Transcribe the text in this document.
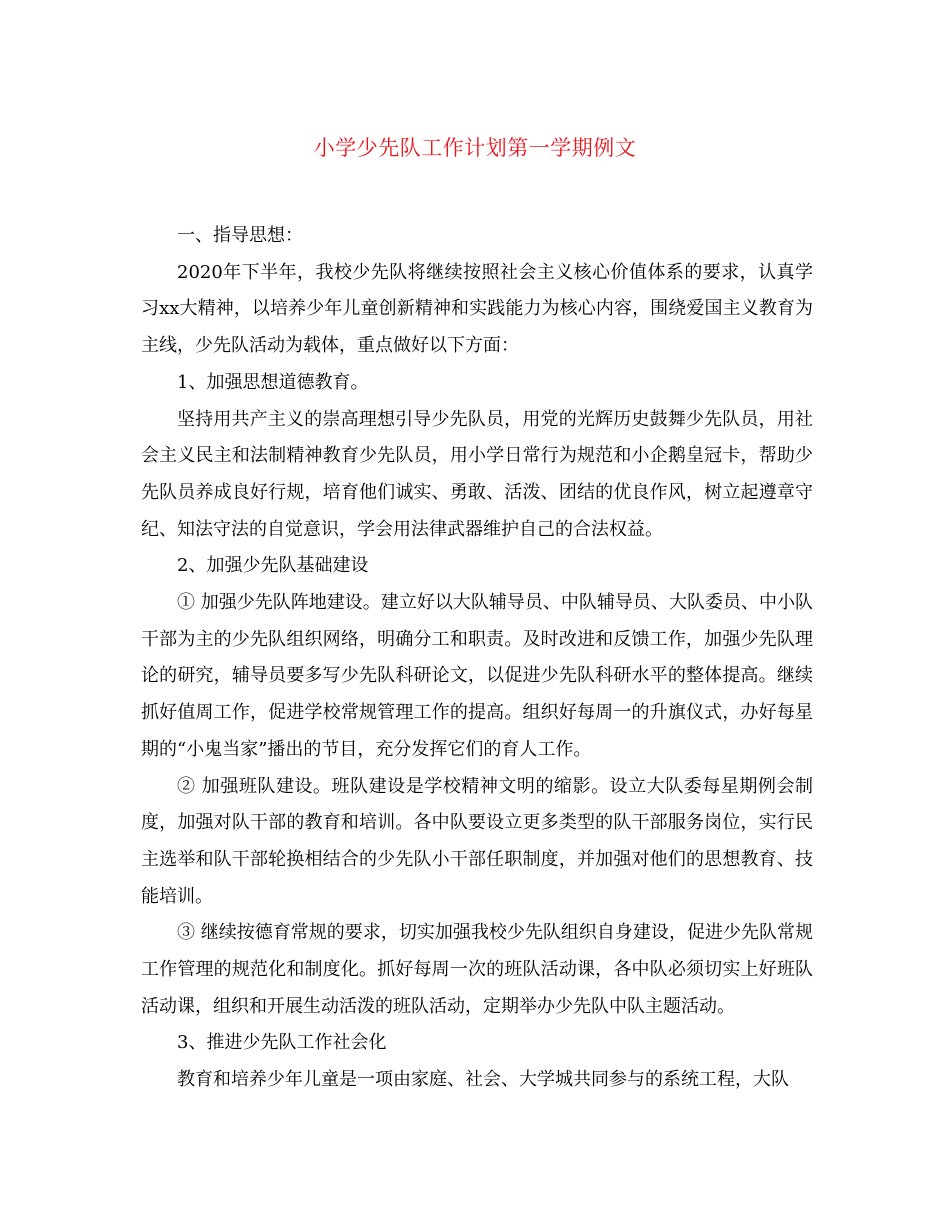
小学少先队工作计划第一学期例文

一、指导思想：

2020年下半年，我校少先队将继续按照社会主义核心价值体系的要求，认真学习xx大精神，以培养少年儿童创新精神和实践能力为核心内容，围绕爱国主义教育为主线，少先队活动为载体，重点做好以下方面：

1、加强思想道德教育。

坚持用共产主义的崇高理想引导少先队员，用党的光辉历史鼓舞少先队员，用社会主义民主和法制精神教育少先队员，用小学日常行为规范和小企鹅皇冠卡，帮助少先队员养成良好行规，培育他们诚实、勇敢、活泼、团结的优良作风，树立起遵章守纪、知法守法的自觉意识，学会用法律武器维护自己的合法权益。

2、加强少先队基础建设

① 加强少先队阵地建设。建立好以大队辅导员、中队辅导员、大队委员、中小队干部为主的少先队组织网络，明确分工和职责。及时改进和反馈工作，加强少先队理论的研究，辅导员要多写少先队科研论文，以促进少先队科研水平的整体提高。继续抓好值周工作，促进学校常规管理工作的提高。组织好每周一的升旗仪式，办好每星期的“小鬼当家”播出的节目，充分发挥它们的育人工作。

② 加强班队建设。班队建设是学校精神文明的缩影。设立大队委每星期例会制度，加强对队干部的教育和培训。各中队要设立更多类型的队干部服务岗位，实行民主选举和队干部轮换相结合的少先队小干部任职制度，并加强对他们的思想教育、技能培训。

③ 继续按德育常规的要求，切实加强我校少先队组织自身建设，促进少先队常规工作管理的规范化和制度化。抓好每周一次的班队活动课，各中队必须切实上好班队活动课，组织和开展生动活泼的班队活动，定期举办少先队中队主题活动。

3、推进少先队工作社会化

教育和培养少年儿童是一项由家庭、社会、大学城共同参与的系统工程，大队
